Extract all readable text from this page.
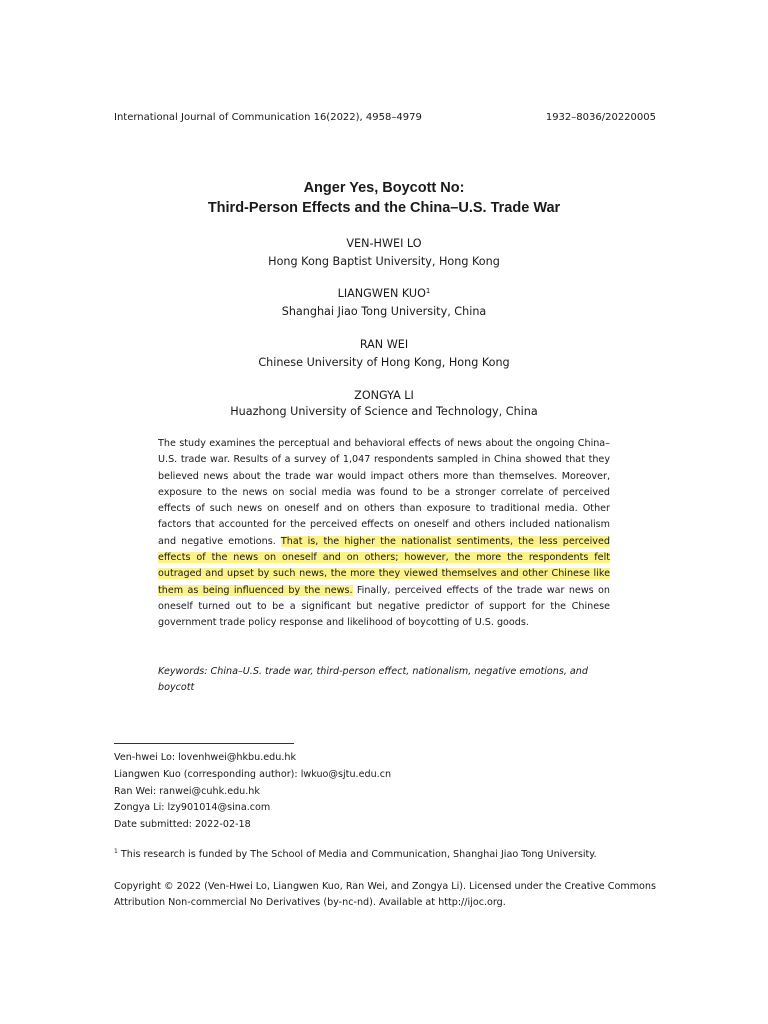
International Journal of Communication 16(2022), 4958–4979	1932–8036/20220005
Anger Yes, Boycott No:
Third-Person Effects and the China–U.S. Trade War
VEN-HWEI LO
Hong Kong Baptist University, Hong Kong
LIANGWEN KUO$^1$
Shanghai Jiao Tong University, China
RAN WEI
Chinese University of Hong Kong, Hong Kong
ZONGYA LI
Huazhong University of Science and Technology, China
The study examines the perceptual and behavioral effects of news about the ongoing China–U.S. trade war. Results of a survey of 1,047 respondents sampled in China showed that they believed news about the trade war would impact others more than themselves. Moreover, exposure to the news on social media was found to be a stronger correlate of perceived effects of such news on oneself and on others than exposure to traditional media. Other factors that accounted for the perceived effects on oneself and others included nationalism and negative emotions. That is, the higher the nationalist sentiments, the less perceived effects of the news on oneself and on others; however, the more the respondents felt outraged and upset by such news, the more they viewed themselves and other Chinese like them as being influenced by the news. Finally, perceived effects of the trade war news on oneself turned out to be a significant but negative predictor of support for the Chinese government trade policy response and likelihood of boycotting of U.S. goods.
Keywords: China–U.S. trade war, third-person effect, nationalism, negative emotions, and boycott
Ven-hwei Lo: lovenhwei@hkbu.edu.hk
Liangwen Kuo (corresponding author): lwkuo@sjtu.edu.cn
Ran Wei: ranwei@cuhk.edu.hk
Zongya Li: lzy901014@sina.com
Date submitted: 2022-02-18
$^1$ This research is funded by The School of Media and Communication, Shanghai Jiao Tong University.
Copyright © 2022 (Ven-Hwei Lo, Liangwen Kuo, Ran Wei, and Zongya Li). Licensed under the Creative Commons Attribution Non-commercial No Derivatives (by-nc-nd). Available at http://ijoc.org.
